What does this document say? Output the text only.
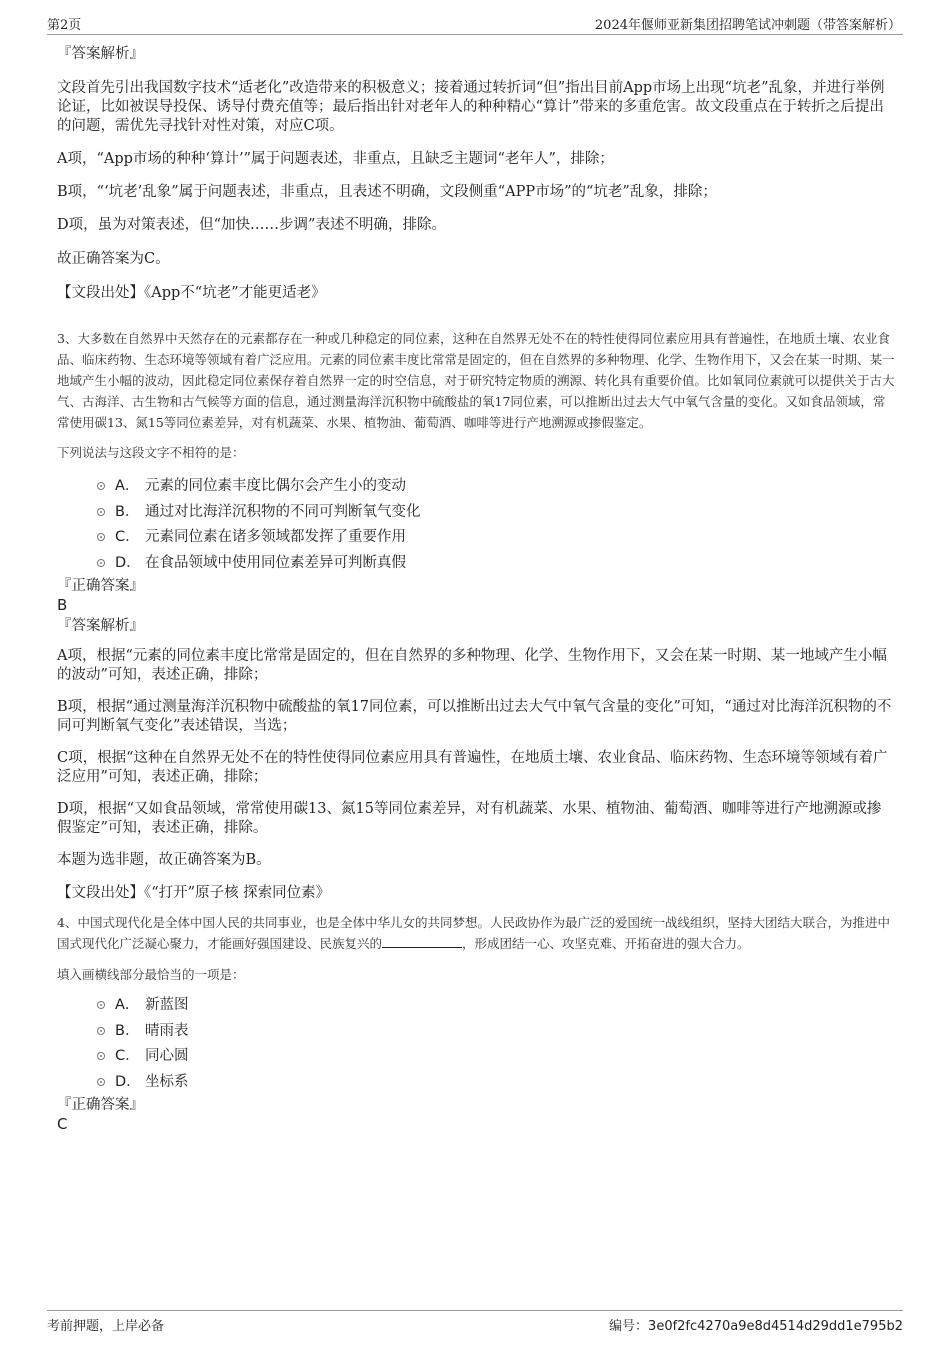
第2页	2024年偃师亚新集团招聘笔试冲刺题（带答案解析）

『答案解析』

文段首先引出我国数字技术“适老化”改造带来的积极意义；接着通过转折词“但”指出目前App市场上出现“坑老”乱象，并进行举例论证，比如被误导投保、诱导付费充值等；最后指出针对老年人的种种精心“算计”带来的多重危害。故文段重点在于转折之后提出的问题，需优先寻找针对性对策，对应C项。

A项，“App市场的种种‘算计’”属于问题表述，非重点，且缺乏主题词“老年人”，排除；

B项，“‘坑老’乱象”属于问题表述，非重点，且表述不明确，文段侧重“APP市场”的“坑老”乱象，排除；

D项，虽为对策表述，但“加快……步调”表述不明确，排除。

故正确答案为C。

【文段出处】《App不“坑老”才能更适老》

3、大多数在自然界中天然存在的元素都存在一种或几种稳定的同位素，这种在自然界无处不在的特性使得同位素应用具有普遍性，在地质土壤、农业食品、临床药物、生态环境等领域有着广泛应用。元素的同位素丰度比常常是固定的，但在自然界的多种物理、化学、生物作用下，又会在某一时期、某一地域产生小幅的波动，因此稳定同位素保存着自然界一定的时空信息，对于研究特定物质的溯源、转化具有重要价值。比如氧同位素就可以提供关于古大气、古海洋、古生物和古气候等方面的信息，通过测量海洋沉积物中硫酸盐的氧17同位素，可以推断出过去大气中氧气含量的变化。又如食品领域，常常使用碳13、氮15等同位素差异，对有机蔬菜、水果、植物油、葡萄酒、咖啡等进行产地溯源或掺假鉴定。

下列说法与这段文字不相符的是：

A． 元素的同位素丰度比偶尔会产生小的变动
B． 通过对比海洋沉积物的不同可判断氧气变化
C． 元素同位素在诸多领域都发挥了重要作用
D． 在食品领域中使用同位素差异可判断真假

『正确答案』

B

『答案解析』

A项，根据“元素的同位素丰度比常常是固定的，但在自然界的多种物理、化学、生物作用下，又会在某一时期、某一地域产生小幅的波动”可知，表述正确，排除；

B项，根据“通过测量海洋沉积物中硫酸盐的氧17同位素，可以推断出过去大气中氧气含量的变化”可知，“通过对比海洋沉积物的不同可判断氧气变化”表述错误，当选；

C项，根据“这种在自然界无处不在的特性使得同位素应用具有普遍性，在地质土壤、农业食品、临床药物、生态环境等领域有着广泛应用”可知，表述正确，排除；

D项，根据“又如食品领域，常常使用碳13、氮15等同位素差异，对有机蔬菜、水果、植物油、葡萄酒、咖啡等进行产地溯源或掺假鉴定”可知，表述正确，排除。

本题为选非题，故正确答案为B。

【文段出处】《“打开”原子核 探索同位素》

4、中国式现代化是全体中国人民的共同事业，也是全体中华儿女的共同梦想。人民政协作为最广泛的爱国统一战线组织，坚持大团结大联合，为推进中国式现代化广泛凝心聚力，才能画好强国建设、民族复兴的	，形成团结一心、攻坚克难、开拓奋进的强大合力。

填入画横线部分最恰当的一项是：

A． 新蓝图
B． 晴雨表
C． 同心圆
D． 坐标系

『正确答案』

C

考前押题，上岸必备	编号：3e0f2fc4270a9e8d4514d29dd1e795b2
